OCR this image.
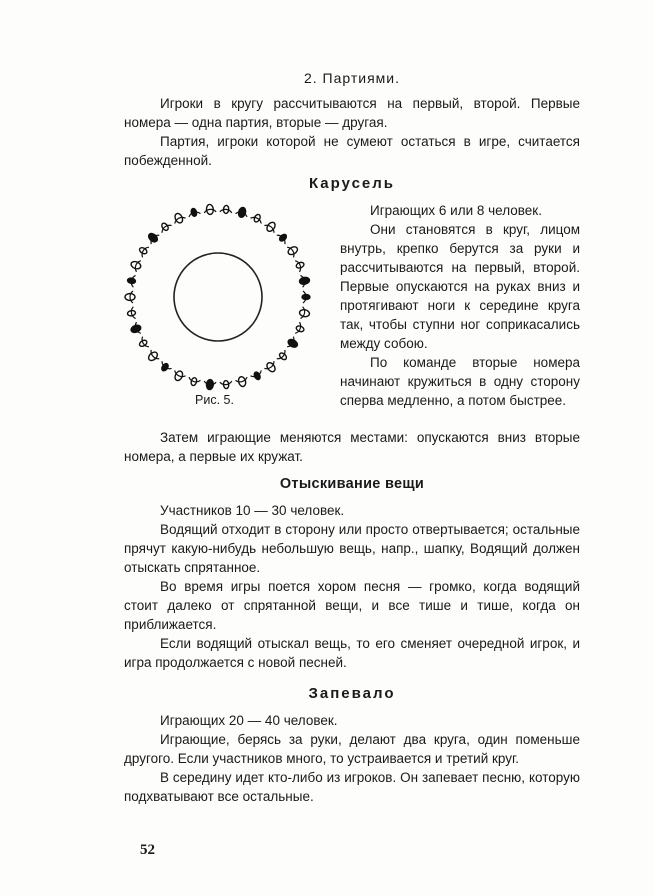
2. Партиями.

Игроки в кругу рассчитываются на первый, второй. Первые номера — одна партия, вторые — другая.

Партия, игроки которой не сумеют остаться в игре, считается побежденной.

Карусель
Рис. 5.

Играющих 6 или 8 человек.

Они становятся в круг, лицом внутрь, крепко берутся за руки и рассчитываются на первый, второй. Первые опускаются на руках вниз и протягивают ноги к середине круга так, чтобы ступни ног соприкасались между собою.

По команде вторые номера начинают кружиться в одну сторону сперва медленно, а потом быстрее.

Затем играющие меняются местами: опускаются вниз вторые номера, а первые их кружат.

Отыскивание вещи

Участников 10 — 30 человек.

Водящий отходит в сторону или просто отвертывается; остальные прячут какую-нибудь небольшую вещь, напр., шапку, Водящий должен отыскать спрятанное.

Во время игры поется хором песня — громко, когда водящий стоит далеко от спрятанной вещи, и все тише и тише, когда он приближается.

Если водящий отыскал вещь, то его сменяет очередной игрок, и игра продолжается с новой песней.

Запевало

Играющих 20 — 40 человек.

Играющие, берясь за руки, делают два круга, один поменьше другого. Если участников много, то устраивается и третий круг.

В середину идет кто-либо из игроков. Он запевает песню, которую подхватывают все остальные.

52
